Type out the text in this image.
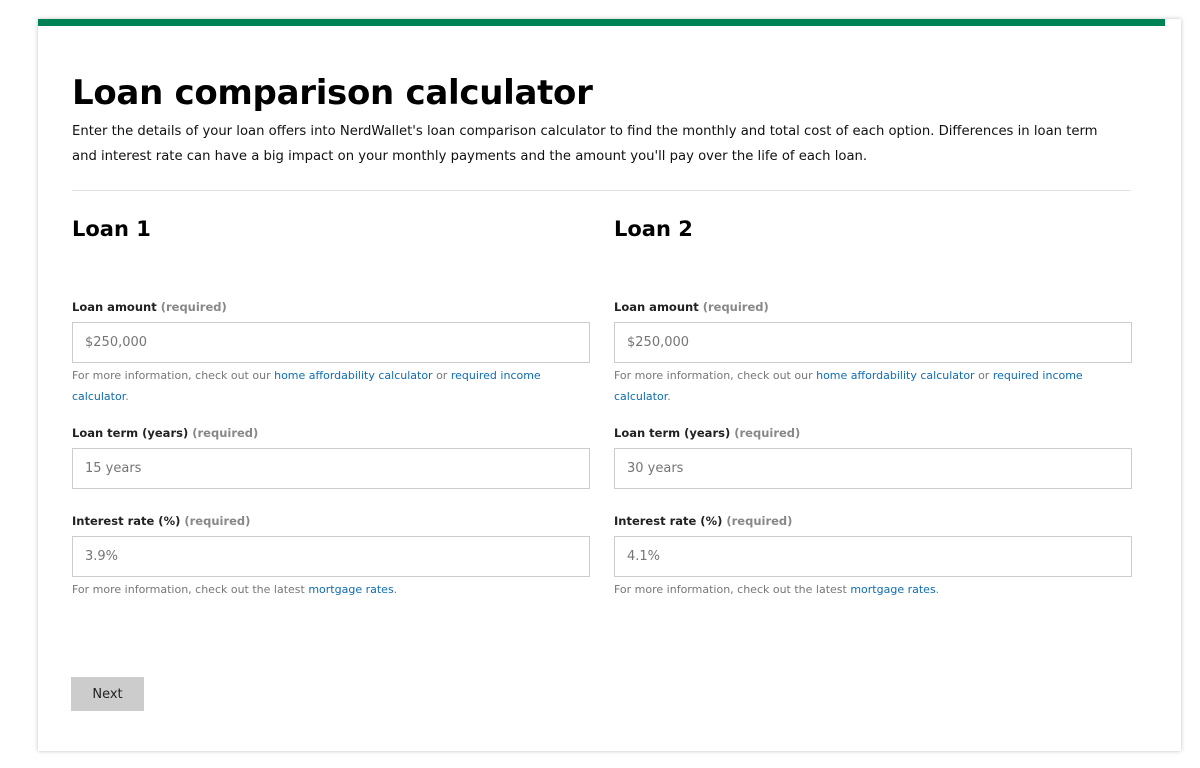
Loan comparison calculator

Enter the details of your loan offers into NerdWallet's loan comparison calculator to find the monthly and total cost of each option. Differences in loan term and interest rate can have a big impact on your monthly payments and the amount you'll pay over the life of each loan.

Loan 1
Loan amount (required)
$250,000
For more information, check out our home affordability calculator or required income calculator.
Loan term (years) (required)
15 years
Interest rate (%) (required)
3.9%
For more information, check out the latest mortgage rates.
Loan 2
Loan amount (required)
$250,000
For more information, check out our home affordability calculator or required income calculator.
Loan term (years) (required)
30 years
Interest rate (%) (required)
4.1%
For more information, check out the latest mortgage rates.
Next
